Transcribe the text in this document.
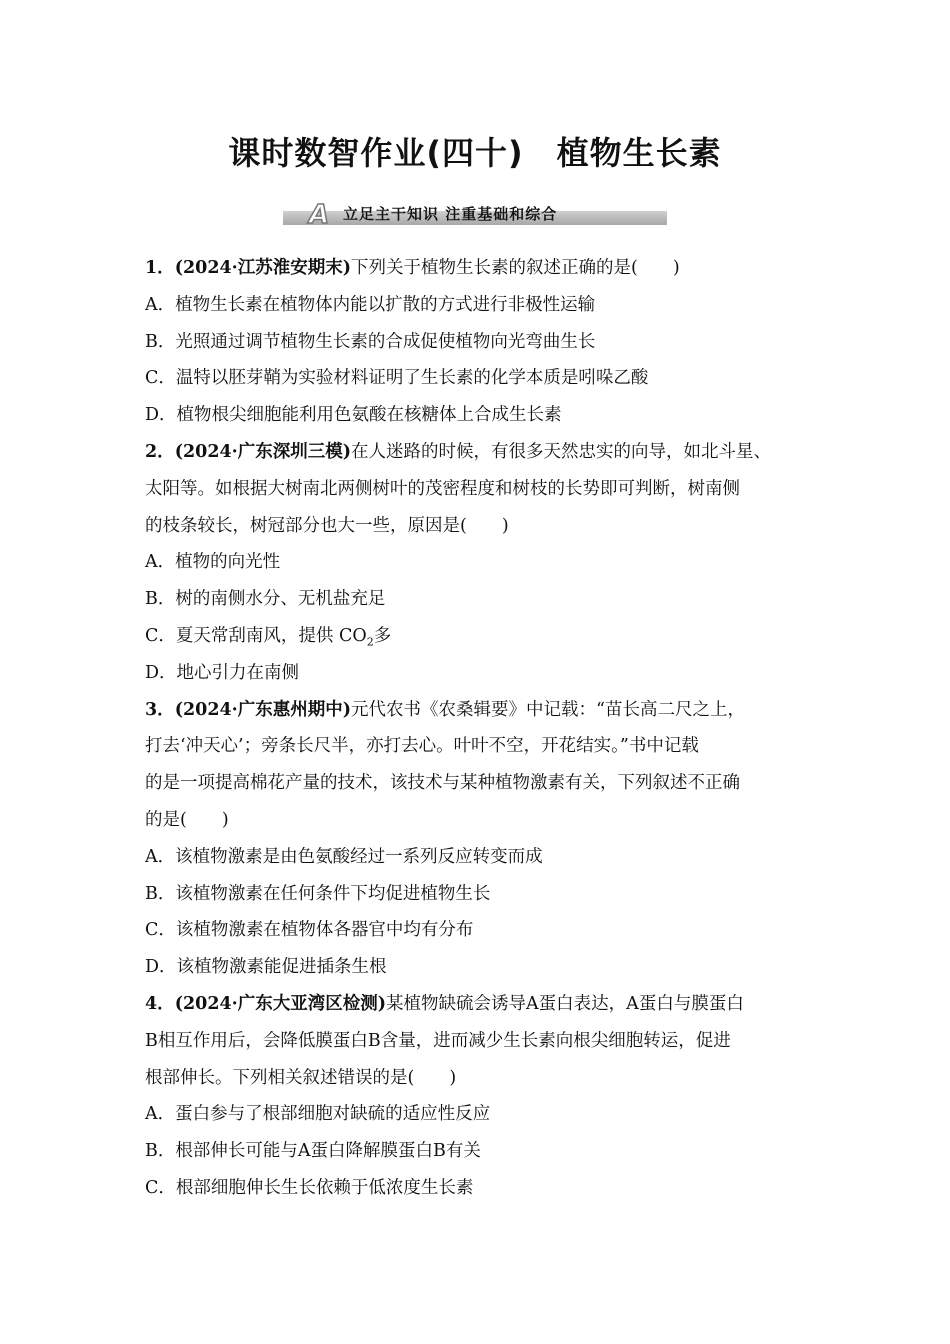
课时数智作业(四十)　植物生长素
A 立足主干知识 注重基础和综合
1．(2024·江苏淮安期末)下列关于植物生长素的叙述正确的是(　　)
A．植物生长素在植物体内能以扩散的方式进行非极性运输
B．光照通过调节植物生长素的合成促使植物向光弯曲生长
C．温特以胚芽鞘为实验材料证明了生长素的化学本质是吲哚乙酸
D．植物根尖细胞能利用色氨酸在核糖体上合成生长素
2．(2024·广东深圳三模)在人迷路的时候，有很多天然忠实的向导，如北斗星、
太阳等。如根据大树南北两侧树叶的茂密程度和树枝的长势即可判断，树南侧
的枝条较长，树冠部分也大一些，原因是(　　)
A．植物的向光性
B．树的南侧水分、无机盐充足
C．夏天常刮南风，提供 $CO_2$多
D．地心引力在南侧
3．(2024·广东惠州期中)元代农书《农桑辑要》中记载：“苗长高二尺之上，
打去‘冲天心’；旁条长尺半，亦打去心。叶叶不空，开花结实。”书中记载
的是一项提高棉花产量的技术，该技术与某种植物激素有关，下列叙述不正确
的是(　　)
A．该植物激素是由色氨酸经过一系列反应转变而成
B．该植物激素在任何条件下均促进植物生长
C．该植物激素在植物体各器官中均有分布
D．该植物激素能促进插条生根
4．(2024·广东大亚湾区检测)某植物缺硫会诱导A蛋白表达，A蛋白与膜蛋白
B相互作用后，会降低膜蛋白B含量，进而减少生长素向根尖细胞转运，促进
根部伸长。下列相关叙述错误的是(　　)
A．蛋白参与了根部细胞对缺硫的适应性反应
B．根部伸长可能与A蛋白降解膜蛋白B有关
C．根部细胞伸长生长依赖于低浓度生长素
